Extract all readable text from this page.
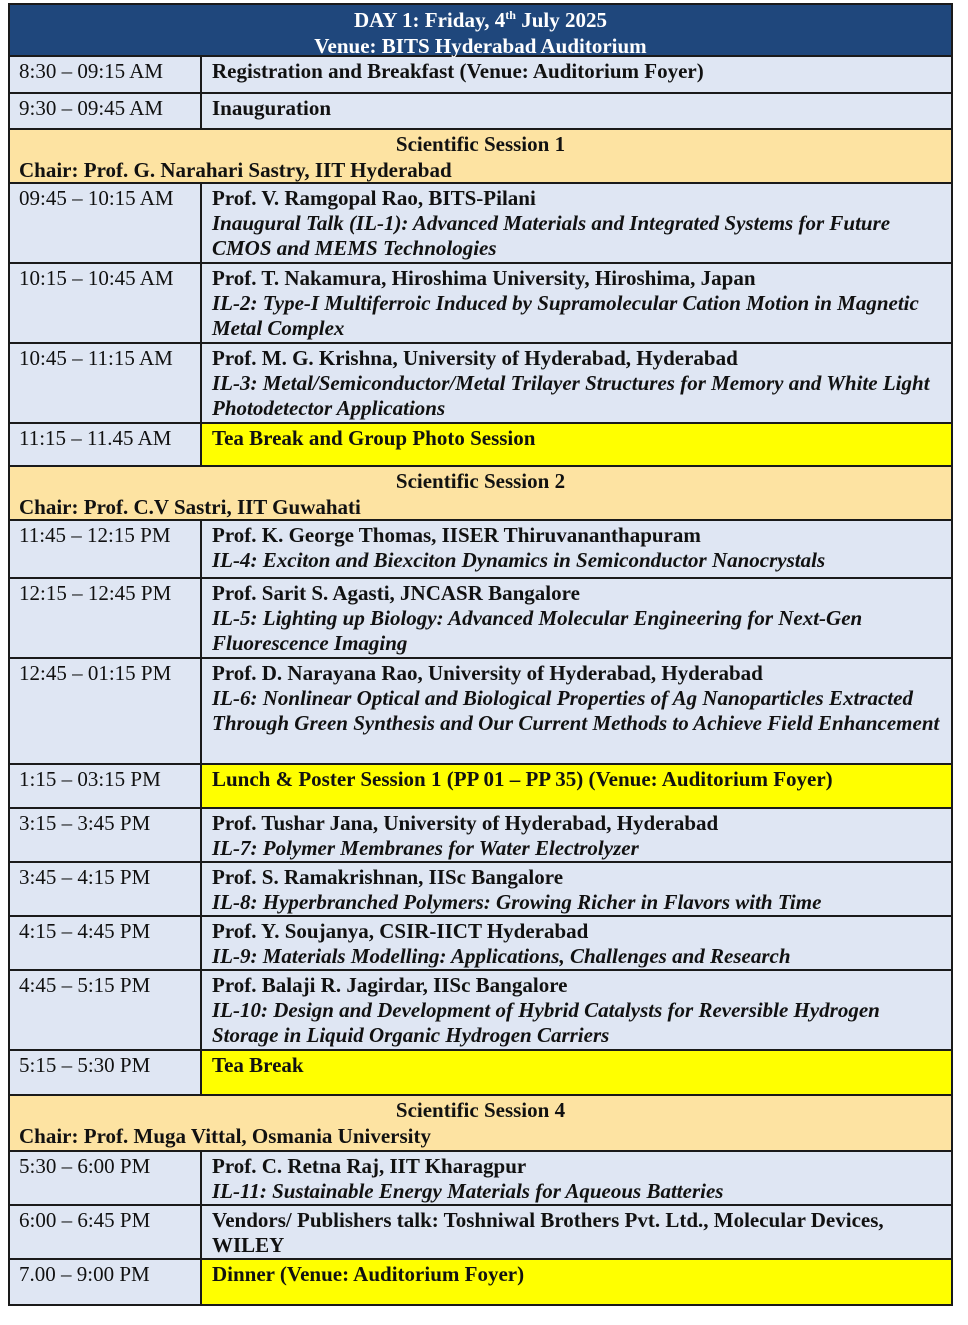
DAY 1: Friday, 4th July 2025
Venue: BITS Hyderabad Auditorium
8:30 – 09:15 AM	Registration and Breakfast (Venue: Auditorium Foyer)
9:30 – 09:45 AM	Inauguration
Scientific Session 1
Chair: Prof. G. Narahari Sastry, IIT Hyderabad
09:45 – 10:15 AM	Prof. V. Ramgopal Rao, BITS-Pilani
Inaugural Talk (IL-1): Advanced Materials and Integrated Systems for Future CMOS and MEMS Technologies
10:15 – 10:45 AM	Prof. T. Nakamura, Hiroshima University, Hiroshima, Japan
IL-2: Type-I Multiferroic Induced by Supramolecular Cation Motion in Magnetic Metal Complex
10:45 – 11:15 AM	Prof. M. G. Krishna, University of Hyderabad, Hyderabad
IL-3: Metal/Semiconductor/Metal Trilayer Structures for Memory and White Light Photodetector Applications
11:15 – 11.45 AM	Tea Break and Group Photo Session
Scientific Session 2
Chair: Prof. C.V Sastri, IIT Guwahati
11:45 – 12:15 PM	Prof. K. George Thomas, IISER Thiruvananthapuram
IL-4: Exciton and Biexciton Dynamics in Semiconductor Nanocrystals
12:15 – 12:45 PM	Prof. Sarit S. Agasti, JNCASR Bangalore
IL-5: Lighting up Biology: Advanced Molecular Engineering for Next-Gen Fluorescence Imaging
12:45 – 01:15 PM	Prof. D. Narayana Rao, University of Hyderabad, Hyderabad
IL-6: Nonlinear Optical and Biological Properties of Ag Nanoparticles Extracted Through Green Synthesis and Our Current Methods to Achieve Field Enhancement
1:15 – 03:15 PM	Lunch & Poster Session 1 (PP 01 – PP 35) (Venue: Auditorium Foyer)
3:15 – 3:45 PM	Prof. Tushar Jana, University of Hyderabad, Hyderabad
IL-7: Polymer Membranes for Water Electrolyzer
3:45 – 4:15 PM	Prof. S. Ramakrishnan, IISc Bangalore
IL-8: Hyperbranched Polymers: Growing Richer in Flavors with Time
4:15 – 4:45 PM	Prof. Y. Soujanya, CSIR-IICT Hyderabad
IL-9: Materials Modelling: Applications, Challenges and Research
4:45 – 5:15 PM	Prof. Balaji R. Jagirdar, IISc Bangalore
IL-10: Design and Development of Hybrid Catalysts for Reversible Hydrogen Storage in Liquid Organic Hydrogen Carriers
5:15 – 5:30 PM	Tea Break
Scientific Session 4
Chair: Prof. Muga Vittal, Osmania University
5:30 – 6:00 PM	Prof. C. Retna Raj, IIT Kharagpur
IL-11: Sustainable Energy Materials for Aqueous Batteries
6:00 – 6:45 PM	Vendors/ Publishers talk: Toshniwal Brothers Pvt. Ltd., Molecular Devices, WILEY
7.00 – 9:00 PM	Dinner (Venue: Auditorium Foyer)
